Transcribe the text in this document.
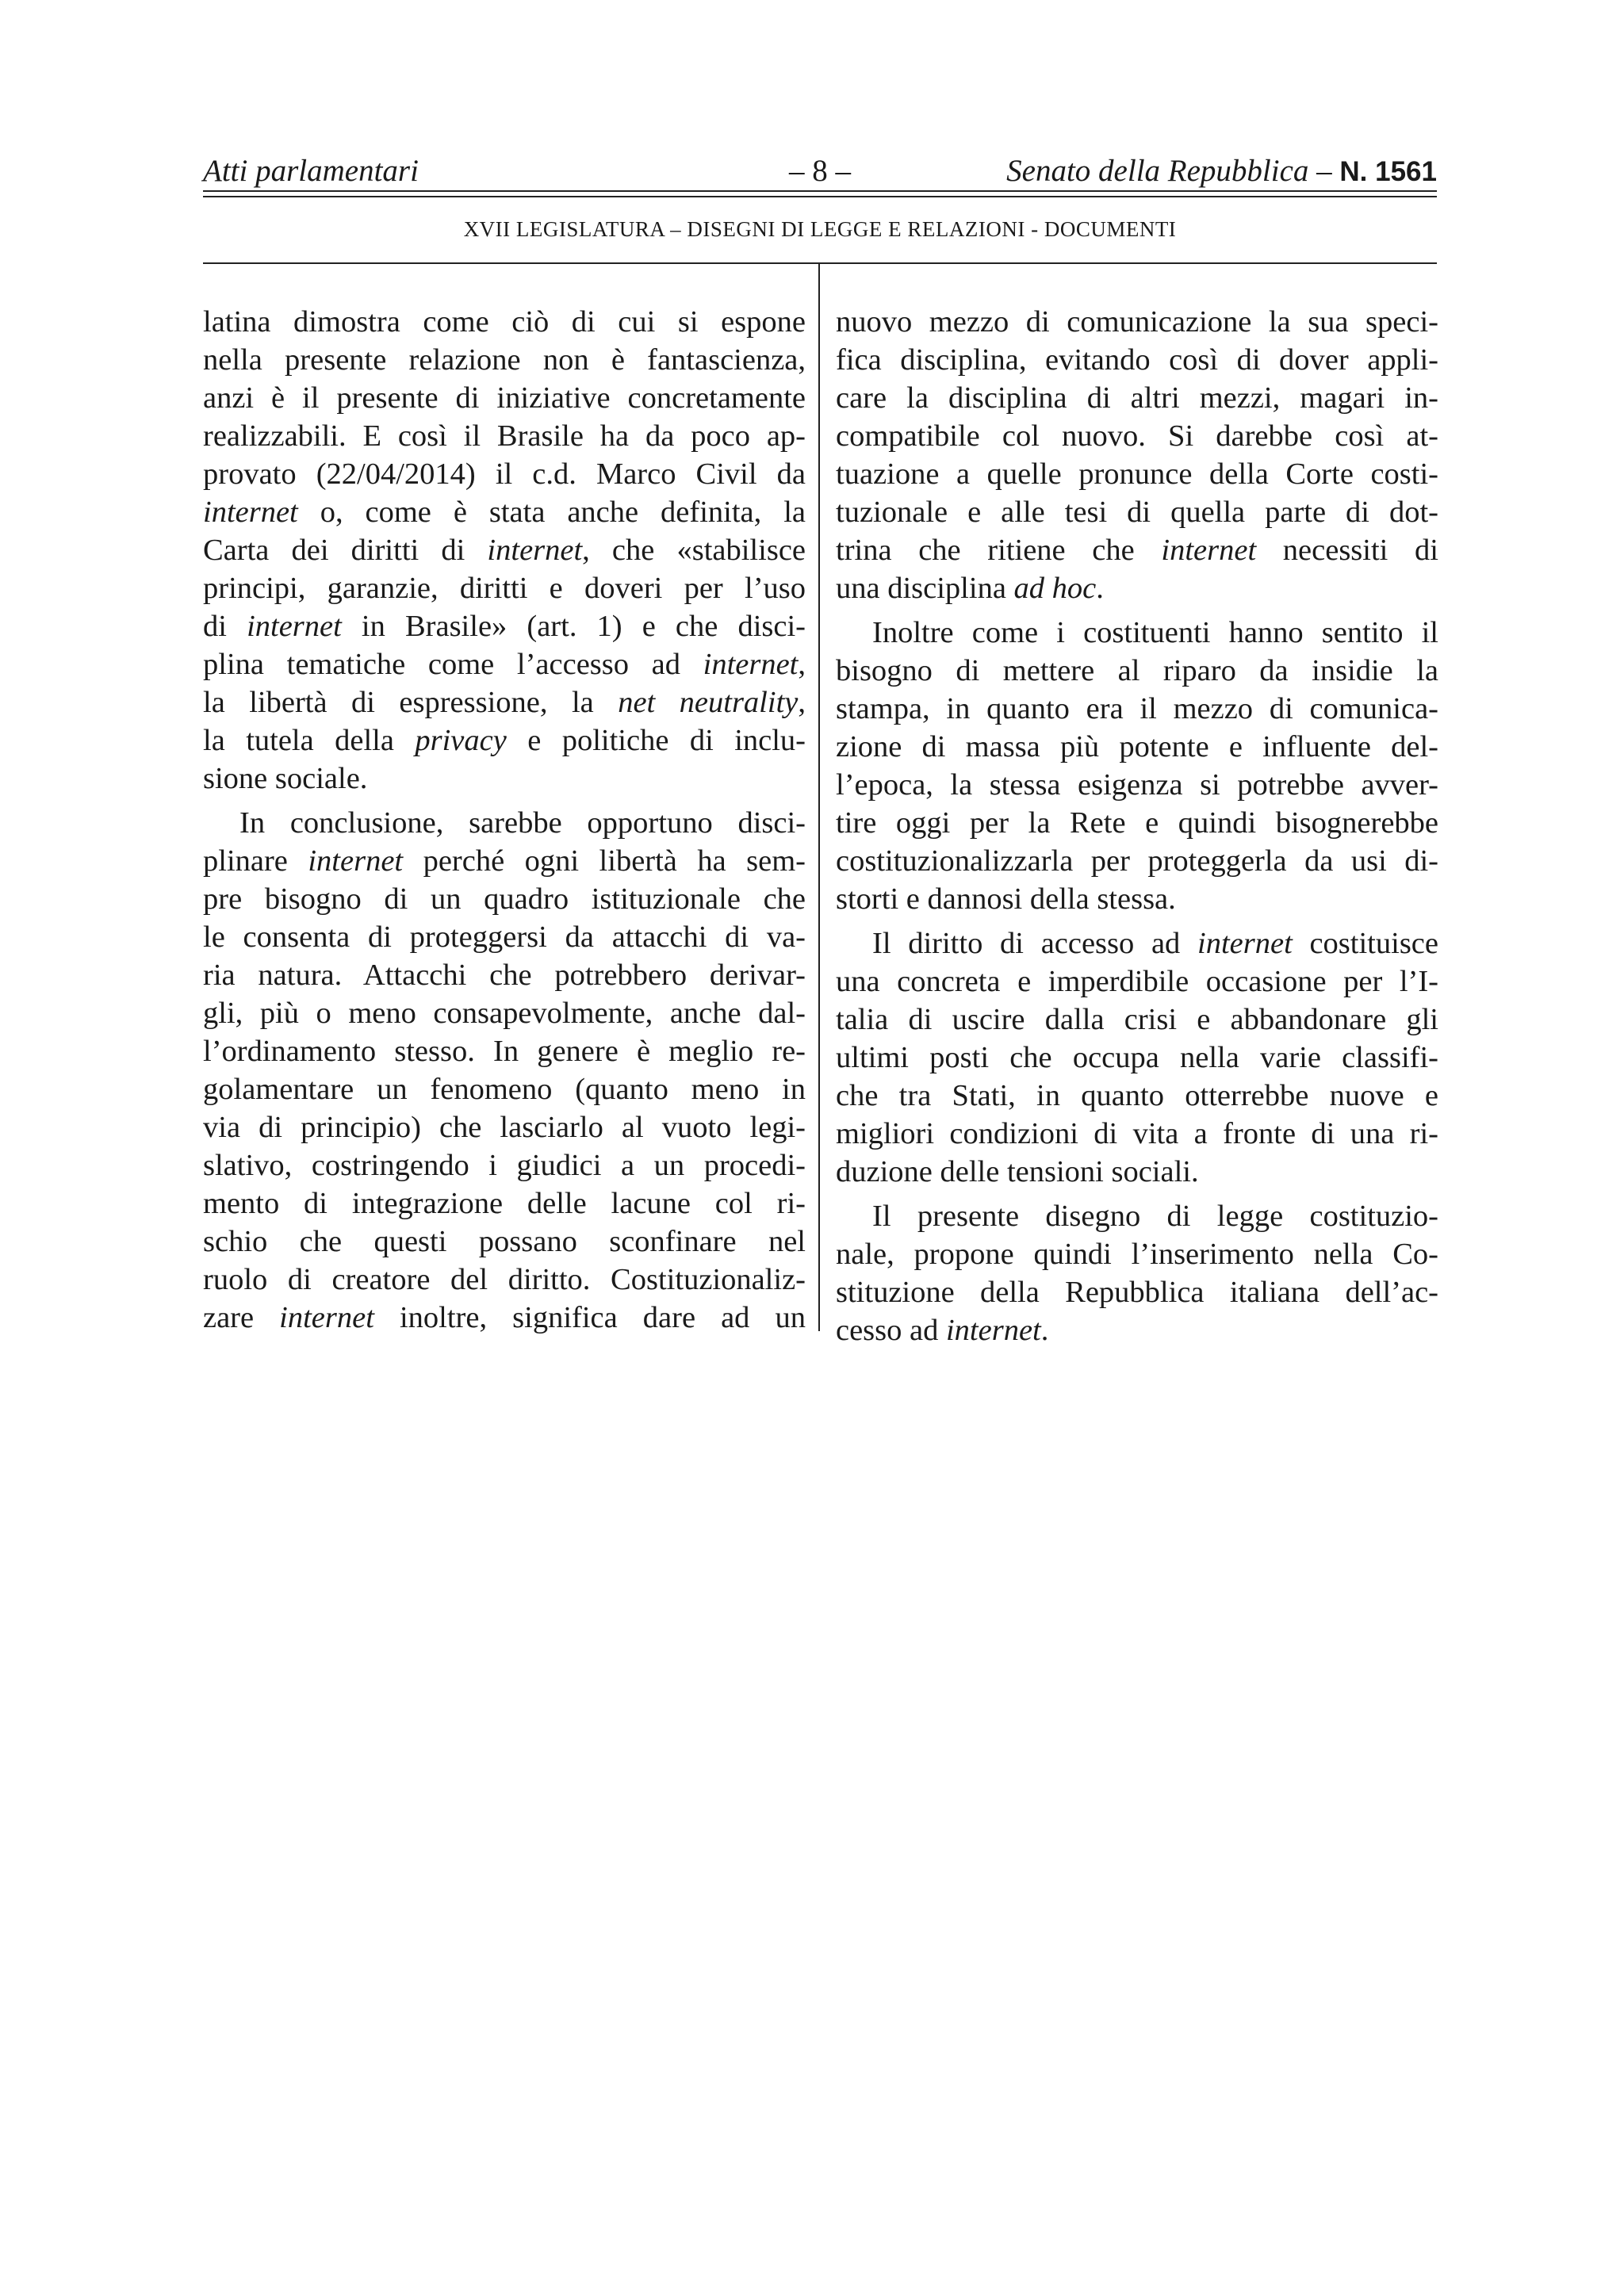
Atti parlamentari	– 8 –	Senato della Repubblica – N. 1561
XVII LEGISLATURA – DISEGNI DI LEGGE E RELAZIONI - DOCUMENTI

latina dimostra come ciò di cui si espone

nella presente relazione non è fantascienza,

anzi è il presente di iniziative concretamente

realizzabili. E così il Brasile ha da poco ap-

provato (22/04/2014) il c.d. Marco Civil da

internet o, come è stata anche definita, la

Carta dei diritti di internet, che «stabilisce

principi, garanzie, diritti e doveri per l’uso

di internet in Brasile» (art. 1) e che disci-

plina tematiche come l’accesso ad internet,

la libertà di espressione, la net neutrality,

la tutela della privacy e politiche di inclu-

sione sociale.

In conclusione, sarebbe opportuno disci-

plinare internet perché ogni libertà ha sem-

pre bisogno di un quadro istituzionale che

le consenta di proteggersi da attacchi di va-

ria natura. Attacchi che potrebbero derivar-

gli, più o meno consapevolmente, anche dal-

l’ordinamento stesso. In genere è meglio re-

golamentare un fenomeno (quanto meno in

via di principio) che lasciarlo al vuoto legi-

slativo, costringendo i giudici a un procedi-

mento di integrazione delle lacune col ri-

schio che questi possano sconfinare nel

ruolo di creatore del diritto. Costituzionaliz-

zare internet inoltre, significa dare ad un

nuovo mezzo di comunicazione la sua speci-

fica disciplina, evitando così di dover appli-

care la disciplina di altri mezzi, magari in-

compatibile col nuovo. Si darebbe così at-

tuazione a quelle pronunce della Corte costi-

tuzionale e alle tesi di quella parte di dot-

trina che ritiene che internet necessiti di

una disciplina ad hoc.

Inoltre come i costituenti hanno sentito il

bisogno di mettere al riparo da insidie la

stampa, in quanto era il mezzo di comunica-

zione di massa più potente e influente del-

l’epoca, la stessa esigenza si potrebbe avver-

tire oggi per la Rete e quindi bisognerebbe

costituzionalizzarla per proteggerla da usi di-

storti e dannosi della stessa.

Il diritto di accesso ad internet costituisce

una concreta e imperdibile occasione per l’I-

talia di uscire dalla crisi e abbandonare gli

ultimi posti che occupa nella varie classifi-

che tra Stati, in quanto otterrebbe nuove e

migliori condizioni di vita a fronte di una ri-

duzione delle tensioni sociali.

Il presente disegno di legge costituzio-

nale, propone quindi l’inserimento nella Co-

stituzione della Repubblica italiana dell’ac-

cesso ad internet.
